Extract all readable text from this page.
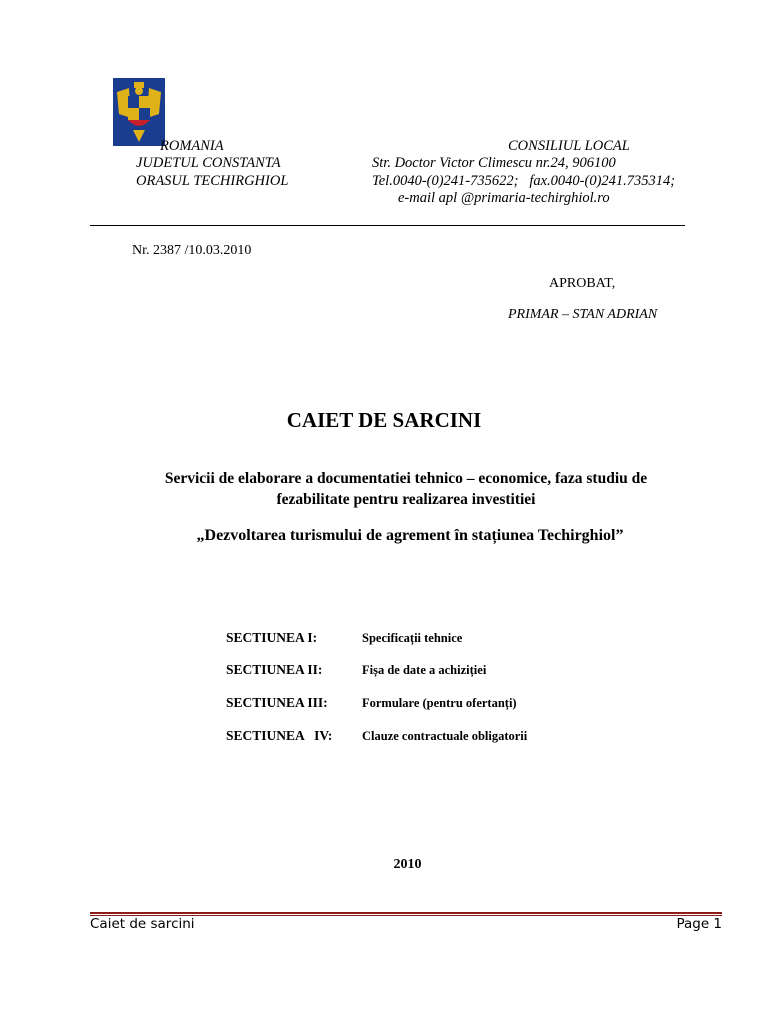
ROMANIA
JUDETUL CONSTANTA
ORASUL TECHIRGHIOL
CONSILIUL LOCAL
Str. Doctor Victor Climescu nr.24, 906100
Tel.0040-(0)241-735622;   fax.0040-(0)241.735314;
e-mail apl @primaria-techirghiol.ro
Nr. 2387 /10.03.2010
APROBAT,
PRIMAR – STAN ADRIAN
CAIET DE SARCINI
Servicii de elaborare a documentatiei tehnico – economice, faza studiu de
fezabilitate pentru realizarea investitiei
„Dezvoltarea turismului de agrement în stațiunea Techirghiol”
SECTIUNEA I:	Specificații tehnice
SECTIUNEA II:	Fișa de date a achiziției
SECTIUNEA III:	Formulare (pentru ofertanți)
SECTIUNEA   IV: Clauze contractuale obligatorii
2010
Caiet de sarcini	Page 1
